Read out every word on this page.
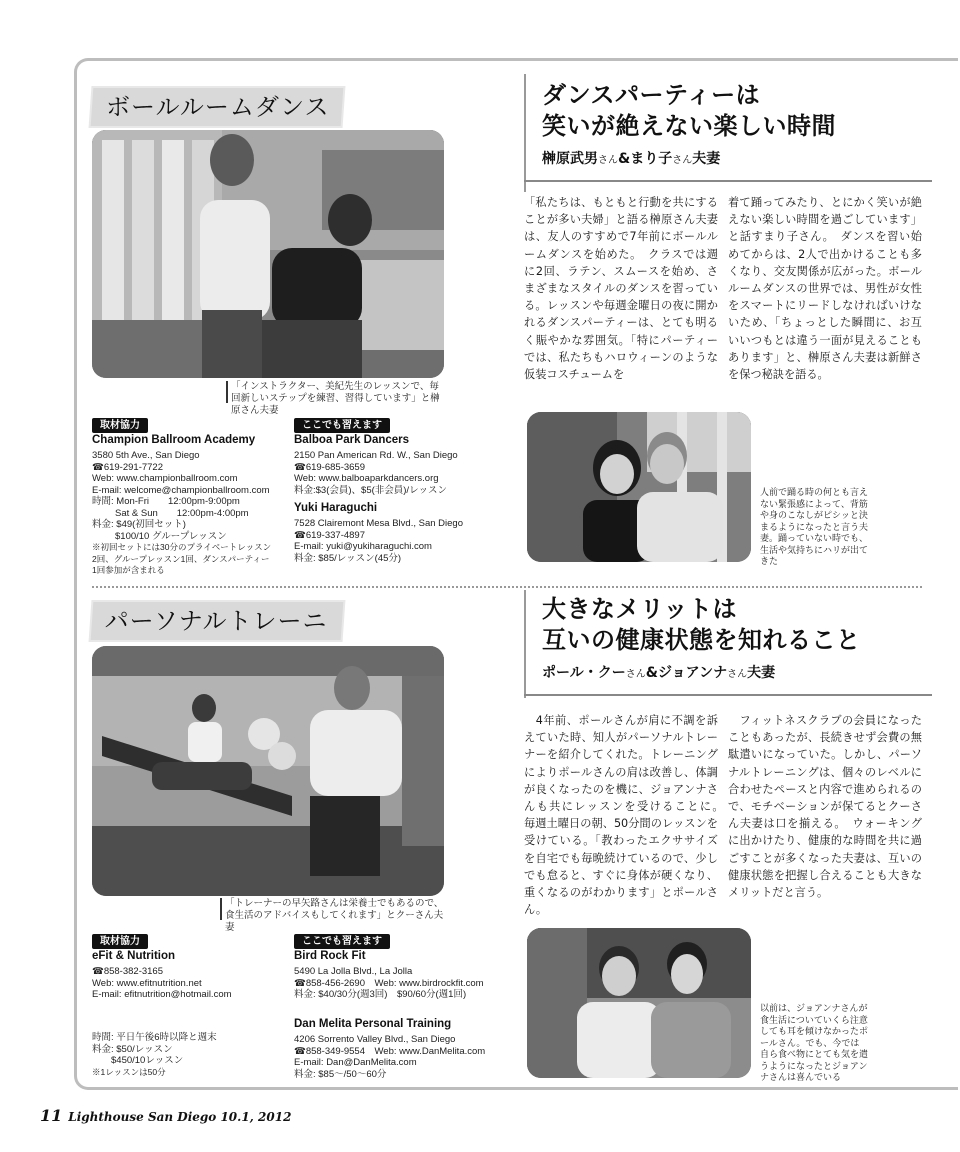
ボールルームダンス
「インストラクター、美紀先生のレッスンで、毎回新しいステップを練習、習得しています」と榊原さん夫妻
ダンスパーティーは
笑いが絶えない楽しい時間
榊原武男さん&まり子さん夫妻
「私たちは、もともと行動を共にすることが多い夫婦」と語る榊原さん夫妻は、友人のすすめで7年前にボールルームダンスを始めた。　クラスでは週に2回、ラテン、スムースを始め、さまざまなスタイルのダンスを習っている。レッスンや毎週金曜日の夜に開かれるダンスパーティーは、とても明るく賑やかな雰囲気。「特にパーティーでは、私たちもハロウィーンのような仮装コスチュームを
着て踊ってみたり、とにかく笑いが絶えない楽しい時間を過ごしています」と話すまり子さん。　ダンスを習い始めてからは、2人で出かけることも多くなり、交友関係が広がった。ボールルームダンスの世界では、男性が女性をスマートにリードしなければいけないため、「ちょっとした瞬間に、お互いいつもとは違う一面が見えることもあります」と、榊原さん夫妻は新鮮さを保つ秘訣を語る。
人前で踊る時の何とも言えない緊張感によって、背筋や身のこなしがピシッと決まるようになったと言う夫妻。踊っていない時でも、生活や気持ちにハリが出てきた
取材協力	ここでも習えます
Champion Ballroom Academy
3580 5th Ave., San Diego
☎619-291-7722
Web: www.championballroom.com
E-mail: welcome@championballroom.com
時間: Mon-Fri  12:00pm-9:00pm
Sat & Sun  12:00pm-4:00pm
料金: $49(初回セット)
$100/10 グループレッスン
※初回セットには30分のプライベートレッスン
2回、グループレッスン1回、ダンスパーティー
1回参加が含まれる
Balboa Park Dancers
2150 Pan American Rd. W., San Diego
☎619-685-3659
Web: www.balboaparkdancers.org
料金:$3(会員)、$5(非会員)/レッスン
Yuki Haraguchi
7528 Clairemont Mesa Blvd., San Diego
☎619-337-4897
E-mail: yuki@yukiharaguchi.com
料金: $85/レッスン(45分)
パーソナルトレーニング
「トレーナーの早矢路さんは栄養士でもあるので、食生活のアドバイスもしてくれます」とクーさん夫妻
大きなメリットは
互いの健康状態を知れること
ポール・クーさん&ジョアンナさん夫妻
　4年前、ポールさんが肩に不調を訴えていた時、知人がパーソナルトレーナーを紹介してくれた。トレーニングによりポールさんの肩は改善し、体調が良くなったのを機に、ジョアンナさんも共にレッスンを受けることに。　毎週土曜日の朝、50分間のレッスンを受けている。「教わったエクササイズを自宅でも毎晩続けているので、少しでも怠ると、すぐに身体が硬くなり、重くなるのがわかります」とポールさん。
　フィットネスクラブの会員になったこともあったが、長続きせず会費の無駄遣いになっていた。しかし、パーソナルトレーニングは、個々のレベルに合わせたペースと内容で進められるので、モチベーションが保てるとクーさん夫妻は口を揃える。　ウォーキングに出かけたり、健康的な時間を共に過ごすことが多くなった夫妻は、互いの健康状態を把握し合えることも大きなメリットだと言う。
以前は、ジョアンナさんが食生活についていくら注意しても耳を傾けなかったポールさん。でも、今では自ら食べ物にとても気を遣うようになったとジョアンナさんは喜んでいる
取材協力	ここでも習えます
eFit & Nutrition
☎858-382-3165
Web: www.efitnutrition.net
E-mail: efitnutrition@hotmail.com
時間: 平日午後6時以降と週末
料金: $50/レッスン
  $450/10レッスン
※1レッスンは50分
Bird Rock Fit
5490 La Jolla Blvd., La Jolla
☎858-456-2690 Web: www.birdrockfit.com
料金: $40/30分(週3回) $90/60分(週1回)
Dan Melita Personal Training
4206 Sorrento Valley Blvd., San Diego
☎858-349-9554 Web: www.DanMelita.com
E-mail: Dan@DanMelita.com
料金: $85〜/50〜60分
11 Lighthouse San Diego 10.1, 2012
